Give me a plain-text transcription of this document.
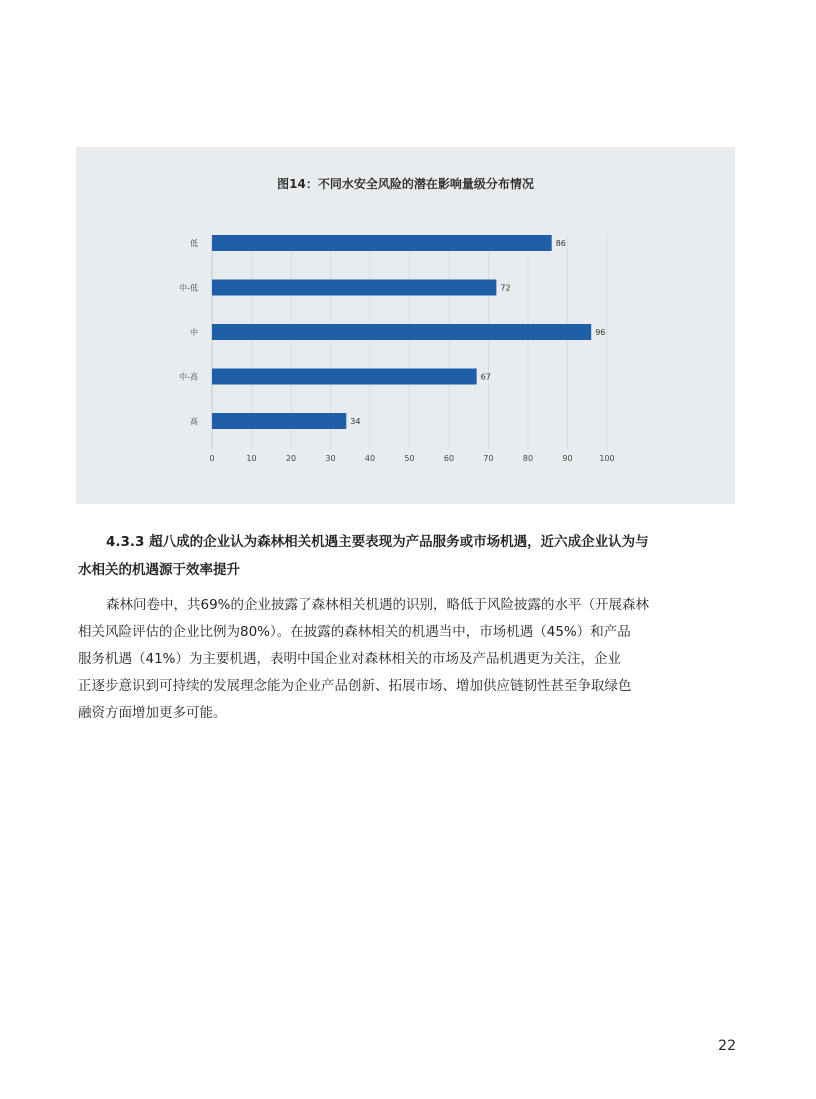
图14：不同水安全风险的潜在影响量级分布情况
0	10	20	30	40	50	60	70	80	90	100
低	86
中-低	72
中	96
中-高	67
高	34
4.3.3 超八成的企业认为森林相关机遇主要表现为产品服务或市场机遇，近六成企业认为与
水相关的机遇源于效率提升
森林问卷中，共69%的企业披露了森林相关机遇的识别，略低于风险披露的水平（开展森林
相关风险评估的企业比例为80%）。在披露的森林相关的机遇当中，市场机遇（45%）和产品
服务机遇（41%）为主要机遇，表明中国企业对森林相关的市场及产品机遇更为关注，企业
正逐步意识到可持续的发展理念能为企业产品创新、拓展市场、增加供应链韧性甚至争取绿色
融资方面增加更多可能。
22
